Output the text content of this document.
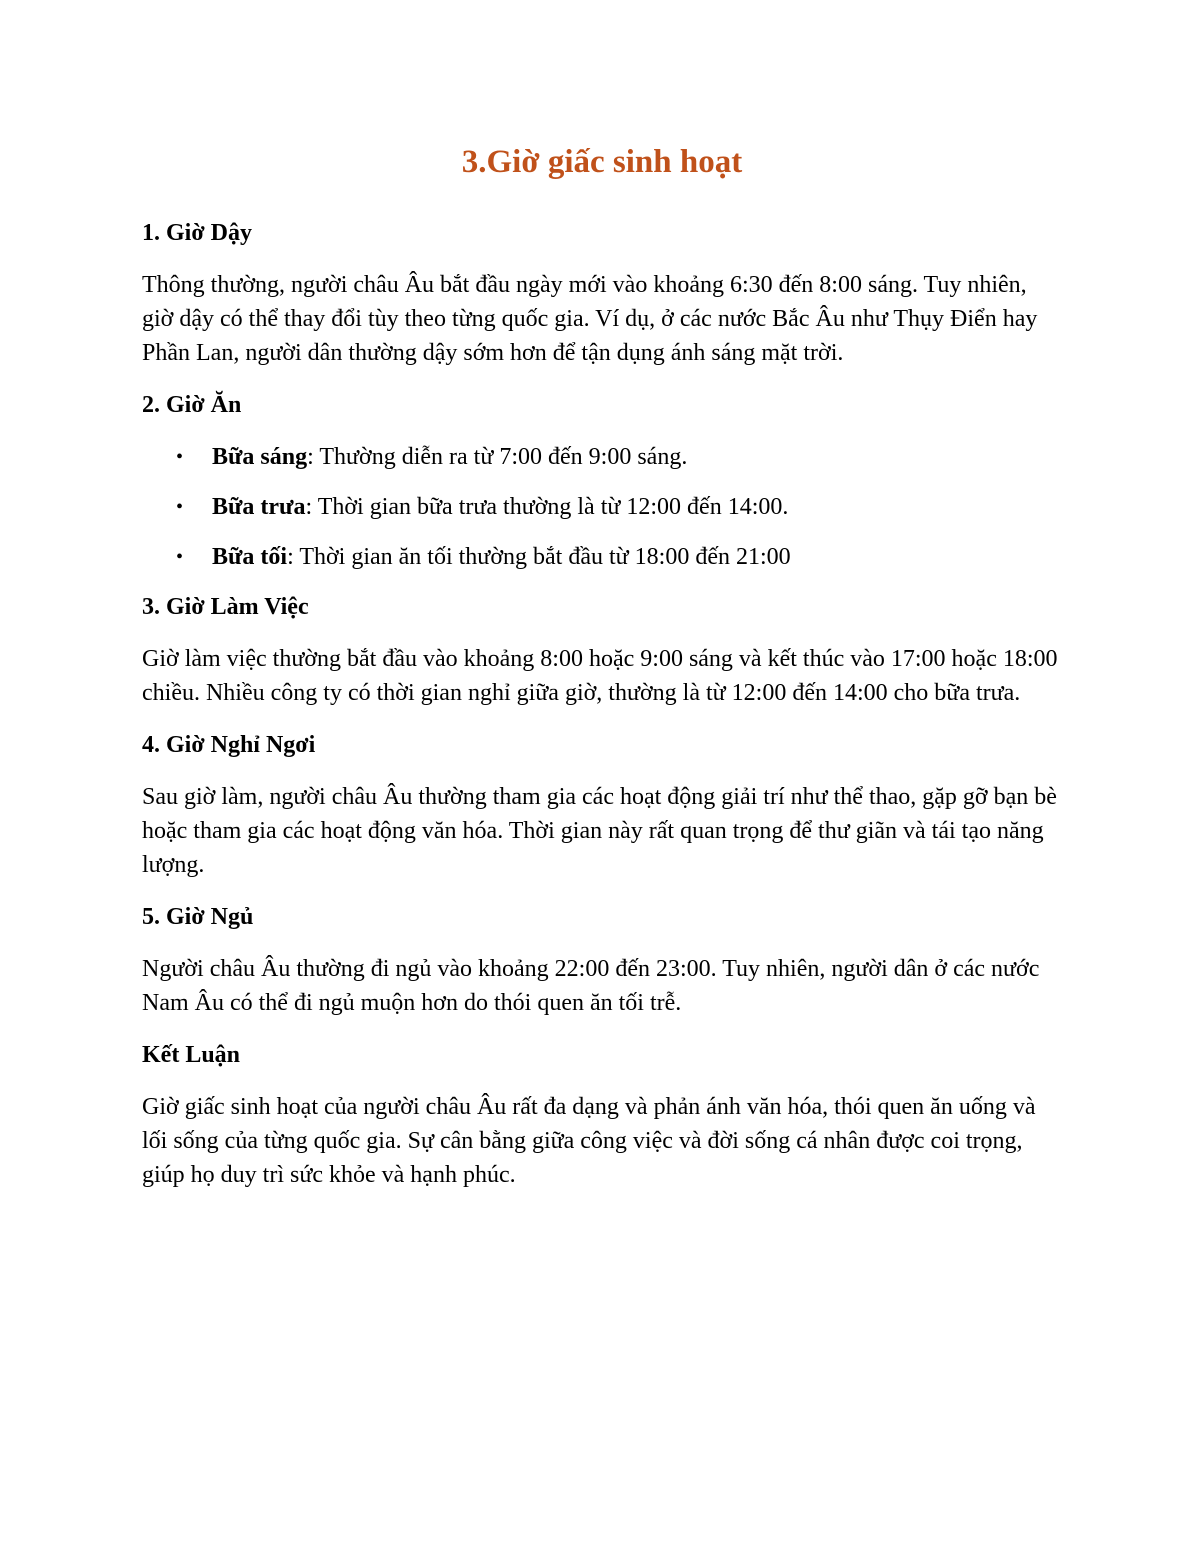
3.Giờ giấc sinh hoạt
1. Giờ Dậy

Thông thường, người châu Âu bắt đầu ngày mới vào khoảng 6:30 đến 8:00 sáng. Tuy nhiên, giờ dậy có thể thay đổi tùy theo từng quốc gia. Ví dụ, ở các nước Bắc Âu như Thụy Điển hay Phần Lan, người dân thường dậy sớm hơn để tận dụng ánh sáng mặt trời.

2. Giờ Ăn
• Bữa sáng: Thường diễn ra từ 7:00 đến 9:00 sáng.
• Bữa trưa: Thời gian bữa trưa thường là từ 12:00 đến 14:00.
• Bữa tối: Thời gian ăn tối thường bắt đầu từ 18:00 đến 21:00
3. Giờ Làm Việc

Giờ làm việc thường bắt đầu vào khoảng 8:00 hoặc 9:00 sáng và kết thúc vào 17:00 hoặc 18:00 chiều. Nhiều công ty có thời gian nghỉ giữa giờ, thường là từ 12:00 đến 14:00 cho bữa trưa.

4. Giờ Nghỉ Ngơi

Sau giờ làm, người châu Âu thường tham gia các hoạt động giải trí như thể thao, gặp gỡ bạn bè hoặc tham gia các hoạt động văn hóa. Thời gian này rất quan trọng để thư giãn và tái tạo năng lượng.

5. Giờ Ngủ

Người châu Âu thường đi ngủ vào khoảng 22:00 đến 23:00. Tuy nhiên, người dân ở các nước Nam Âu có thể đi ngủ muộn hơn do thói quen ăn tối trễ.

Kết Luận

Giờ giấc sinh hoạt của người châu Âu rất đa dạng và phản ánh văn hóa, thói quen ăn uống và lối sống của từng quốc gia. Sự cân bằng giữa công việc và đời sống cá nhân được coi trọng, giúp họ duy trì sức khỏe và hạnh phúc.
